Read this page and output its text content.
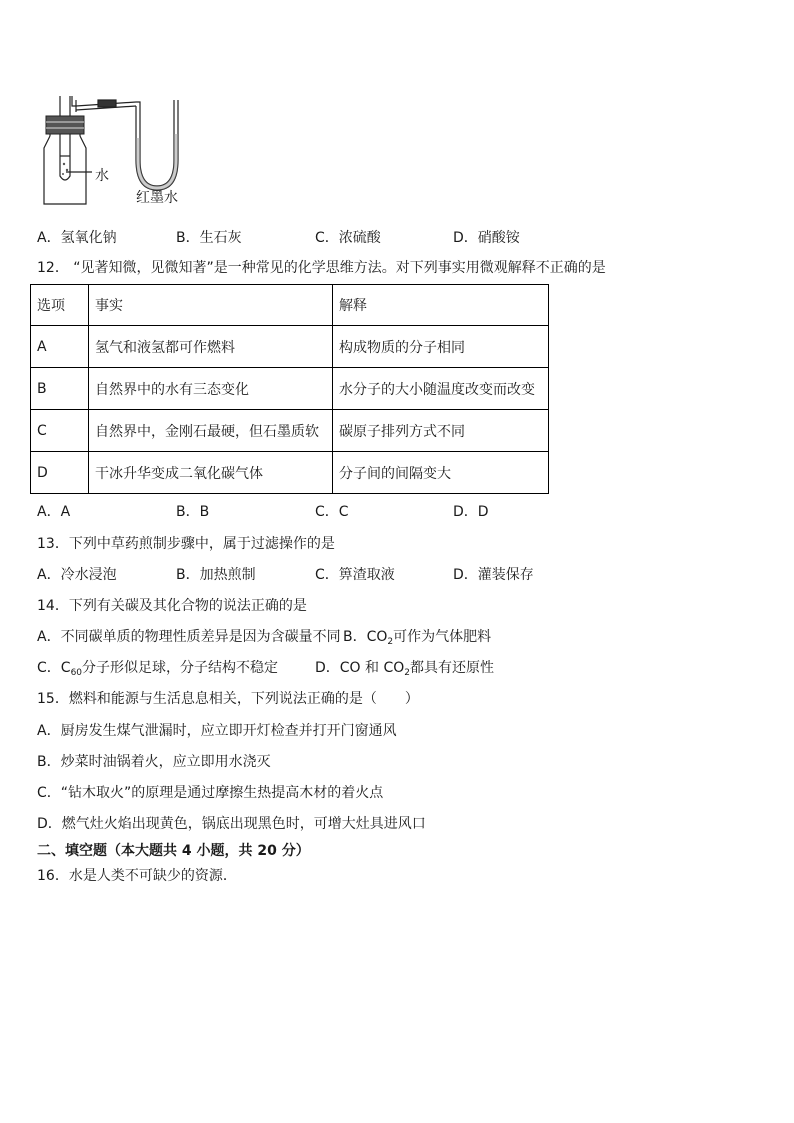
水
红墨水
A．氢氧化钠	B．生石灰	C．浓硫酸	D．硝酸铵
12． “见著知微，见微知著”是一种常见的化学思维方法。对下列事实用微观解释不正确的是
选项	事实	解释
A	氢气和液氢都可作燃料	构成物质的分子相同
B	自然界中的水有三态变化	水分子的大小随温度改变而改变
C	自然界中，金刚石最硬，但石墨质软	碳原子排列方式不同
D	干冰升华变成二氧化碳气体	分子间的间隔变大
A．A	B．B	C．C	D．D
13．下列中草药煎制步骤中，属于过滤操作的是
A．冷水浸泡	B．加热煎制	C．箅渣取液	D．灌装保存
14．下列有关碳及其化合物的说法正确的是
A．不同碳单质的物理性质差异是因为含碳量不同 B．$CO_2$可作为气体肥料
C．$C_{60}$分子形似足球，分子结构不稳定	D．CO 和 $CO_2$都具有还原性
15．燃料和能源与生活息息相关，下列说法正确的是（　　）
A．厨房发生煤气泄漏时，应立即开灯检查并打开门窗通风
B．炒菜时油锅着火，应立即用水浇灭
C．“钻木取火”的原理是通过摩擦生热提高木材的着火点
D．燃气灶火焰出现黄色，锅底出现黑色时，可增大灶具进风口
二、填空题（本大题共 4 小题，共 20 分）
16．水是人类不可缺少的资源．
